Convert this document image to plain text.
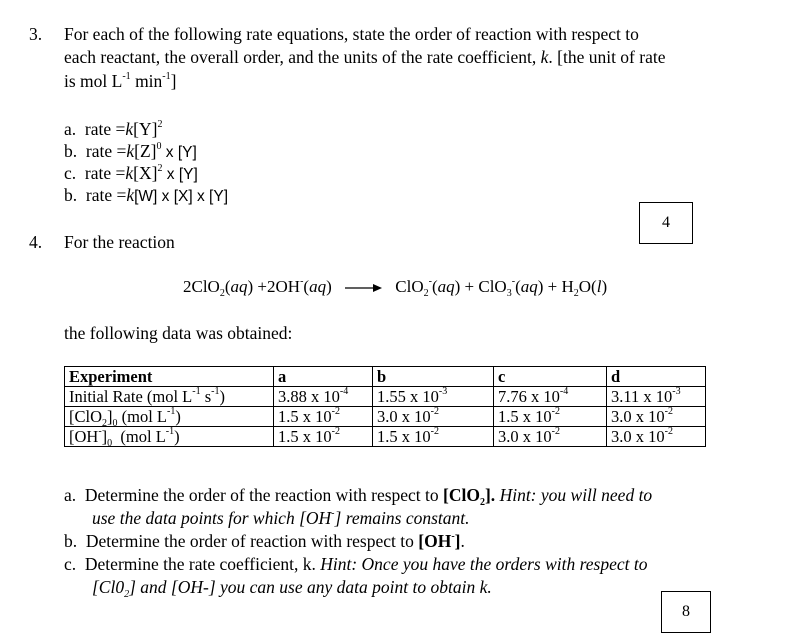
3. For each of the following rate equations, state the order of reaction with respect to
each reactant, the overall order, and the units of the rate coefficient, k. [the unit of rate
is mol $L^{-1}$ $\min^{-1}$]
a. rate $=k[Y]^2$
b. rate $=k[Z]^0$ x [Y]
c. rate $=k[X]^2$ x [Y]
b. rate =k[W] x [X] x [Y]
4
4. For the reaction
$2ClO_2(aq) +2OH^-(aq) \to ClO_2^-(aq) + ClO_3^-(aq) + H_2O(l)$
the following data was obtained:
Experiment	a	b	c	d
Initial Rate (mol $L^{-1}$ $s^{-1}$)	3.88 x $10^{-4}$	1.55 x $10^{-3}$	7.76 x $10^{-4}$	3.11 x $10^{-3}$
$[ClO_2]_0$ (mol $L^{-1}$)	1.5 x $10^{-2}$	3.0 x $10^{-2}$	1.5 x $10^{-2}$	3.0 x $10^{-2}$
$[OH^-]_0$  (mol $L^{-1}$)	1.5 x $10^{-2}$	1.5 x $10^{-2}$	3.0 x $10^{-2}$	3.0 x $10^{-2}$
a. Determine the order of the reaction with respect to [ClO$_2$]. Hint: you will need to
use the data points for which [OH-] remains constant.
b. Determine the order of reaction with respect to [OH-].
c. Determine the rate coefficient, k. Hint: Once you have the orders with respect to
$[Cl0_2]$ and [OH-] you can use any data point to obtain k.
8
